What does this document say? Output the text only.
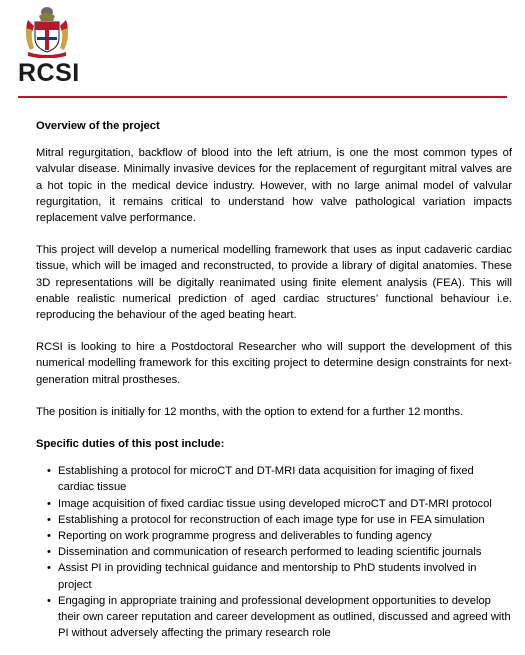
RCSI
Overview of the project

Mitral regurgitation, backflow of blood into the left atrium, is one the most common types of valvular disease. Minimally invasive devices for the replacement of regurgitant mitral valves are a hot topic in the medical device industry. However, with no large animal model of valvular regurgitation, it remains critical to understand how valve pathological variation impacts replacement valve performance.

This project will develop a numerical modelling framework that uses as input cadaveric cardiac tissue, which will be imaged and reconstructed, to provide a library of digital anatomies. These 3D representations will be digitally reanimated using finite element analysis (FEA). This will enable realistic numerical prediction of aged cardiac structures’ functional behaviour i.e. reproducing the behaviour of the aged beating heart.

RCSI is looking to hire a Postdoctoral Researcher who will support the development of this numerical modelling framework for this exciting project to determine design constraints for next-generation mitral prostheses.

The position is initially for 12 months, with the option to extend for a further 12 months.

Specific duties of this post include:
• Establishing a protocol for microCT and DT-MRI data acquisition for imaging of fixed cardiac tissue
• Image acquisition of fixed cardiac tissue using developed microCT and DT-MRI protocol
• Establishing a protocol for reconstruction of each image type for use in FEA simulation
• Reporting on work programme progress and deliverables to funding agency
• Dissemination and communication of research performed to leading scientific journals
• Assist PI in providing technical guidance and mentorship to PhD students involved in project
• Engaging in appropriate training and professional development opportunities to develop their own career reputation and career development as outlined, discussed and agreed with PI without adversely affecting the primary research role
